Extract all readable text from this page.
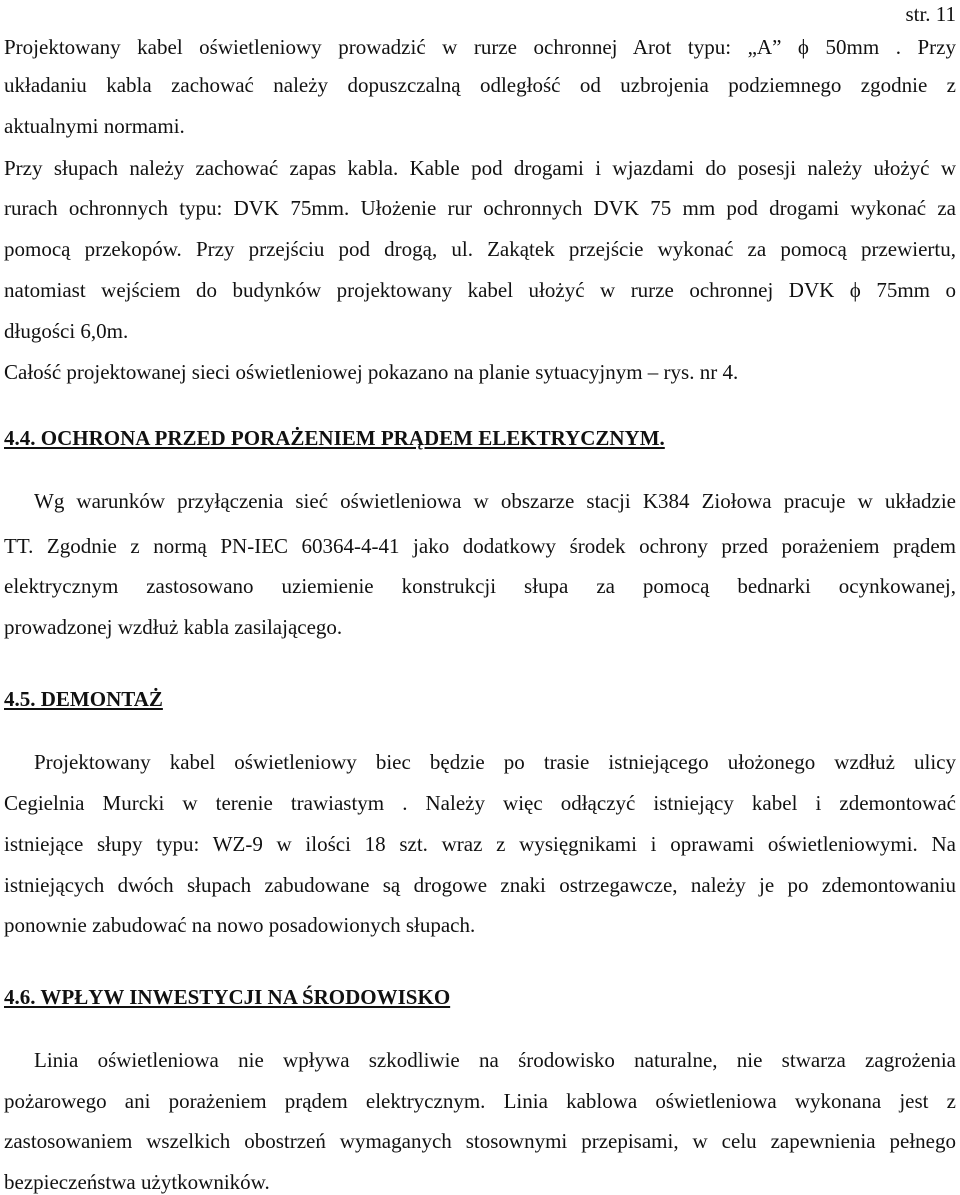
str. 11
Projektowany kabel oświetleniowy prowadzić w rurze ochronnej Arot typu: „A” ϕ 50mm . Przy
układaniu kabla zachować należy dopuszczalną odległość od uzbrojenia podziemnego zgodnie z
aktualnymi normami.
Przy słupach należy zachować zapas kabla. Kable pod drogami i wjazdami do posesji należy ułożyć w
rurach ochronnych typu: DVK 75mm. Ułożenie rur ochronnych DVK 75 mm pod drogami wykonać za
pomocą przekopów. Przy przejściu pod drogą, ul. Zakątek przejście wykonać za pomocą przewiertu,
natomiast wejściem do budynków projektowany kabel ułożyć w rurze ochronnej DVK ϕ 75mm o
długości 6,0m.
Całość projektowanej sieci oświetleniowej pokazano na planie sytuacyjnym – rys. nr 4.
4.4. OCHRONA PRZED PORAŻENIEM PRĄDEM ELEKTRYCZNYM.
Wg warunków przyłączenia sieć oświetleniowa w obszarze stacji K384 Ziołowa pracuje w układzie
TT. Zgodnie z normą PN-IEC 60364-4-41 jako dodatkowy środek ochrony przed porażeniem prądem
elektrycznym zastosowano uziemienie konstrukcji słupa za pomocą bednarki ocynkowanej,
prowadzonej wzdłuż kabla zasilającego.
4.5. DEMONTAŻ
Projektowany kabel oświetleniowy biec będzie po trasie istniejącego ułożonego wzdłuż ulicy
Cegielnia Murcki w terenie trawiastym . Należy więc odłączyć istniejący kabel i zdemontować
istniejące słupy typu: WZ-9 w ilości 18 szt. wraz z wysięgnikami i oprawami oświetleniowymi. Na
istniejących dwóch słupach zabudowane są drogowe znaki ostrzegawcze, należy je po zdemontowaniu
ponownie zabudować na nowo posadowionych słupach.
4.6. WPŁYW INWESTYCJI NA ŚRODOWISKO
Linia oświetleniowa nie wpływa szkodliwie na środowisko naturalne, nie stwarza zagrożenia
pożarowego ani porażeniem prądem elektrycznym. Linia kablowa oświetleniowa wykonana jest z
zastosowaniem wszelkich obostrzeń wymaganych stosownymi przepisami, w celu zapewnienia pełnego
bezpieczeństwa użytkowników.
